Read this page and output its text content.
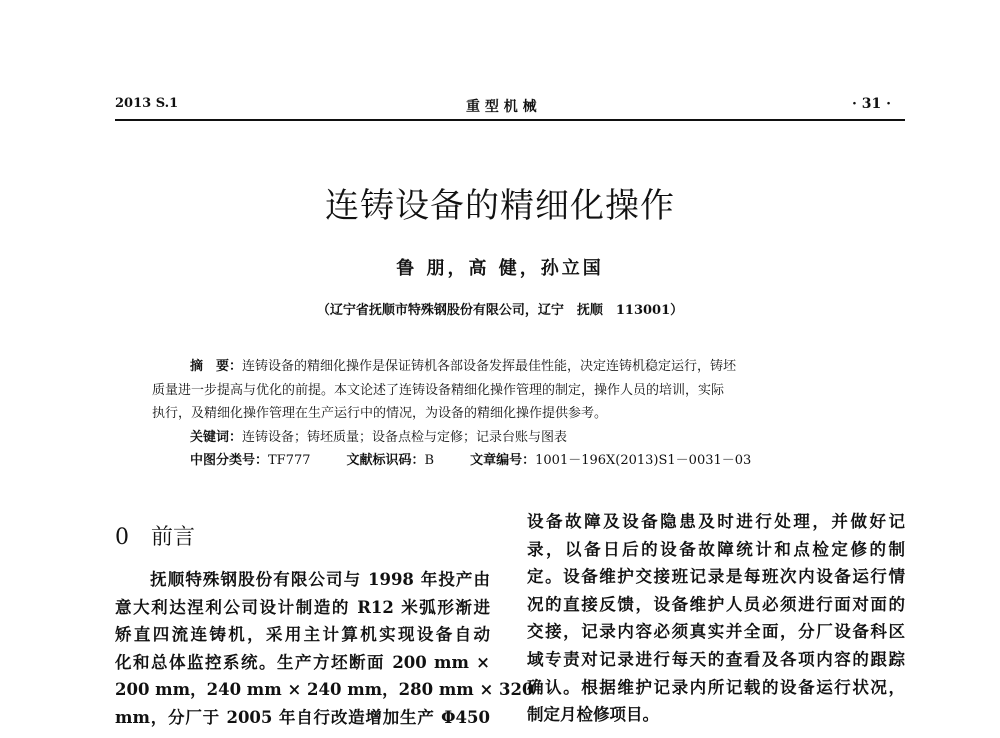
2013 S.1	重 型 机 械	· 31 ·
连铸设备的精细化操作
鲁 朋，高 健，孙立国
（辽宁省抚顺市特殊钢股份有限公司，辽宁　抚顺　113001）
摘　要：连铸设备的精细化操作是保证铸机各部设备发挥最佳性能，决定连铸机稳定运行，铸坯
质量进一步提高与优化的前提。本文论述了连铸设备精细化操作管理的制定，操作人员的培训，实际
执行，及精细化操作管理在生产运行中的情况，为设备的精细化操作提供参考。
关键词：连铸设备；铸坯质量；设备点检与定修；记录台账与图表
中图分类号：TF777	文献标识码：B	文章编号：1001－196X(2013)S1－0031－03
0 前言
　　抚顺特殊钢股份有限公司与 1998 年投产由
意大利达涅利公司设计制造的 R12 米弧形渐进
矫直四流连铸机，采用主计算机实现设备自动
化和总体监控系统。生产方坯断面 200 mm ×
200 mm，240 mm × 240 mm，280 mm × 320
mm，分厂于 2005 年自行改造增加生产 Φ450
设备故障及设备隐患及时进行处理，并做好记
录，以备日后的设备故障统计和点检定修的制
定。设备维护交接班记录是每班次内设备运行情
况的直接反馈，设备维护人员必须进行面对面的
交接，记录内容必须真实并全面，分厂设备科区
域专责对记录进行每天的查看及各项内容的跟踪
确认。根据维护记录内所记载的设备运行状况，
制定月检修项目。
